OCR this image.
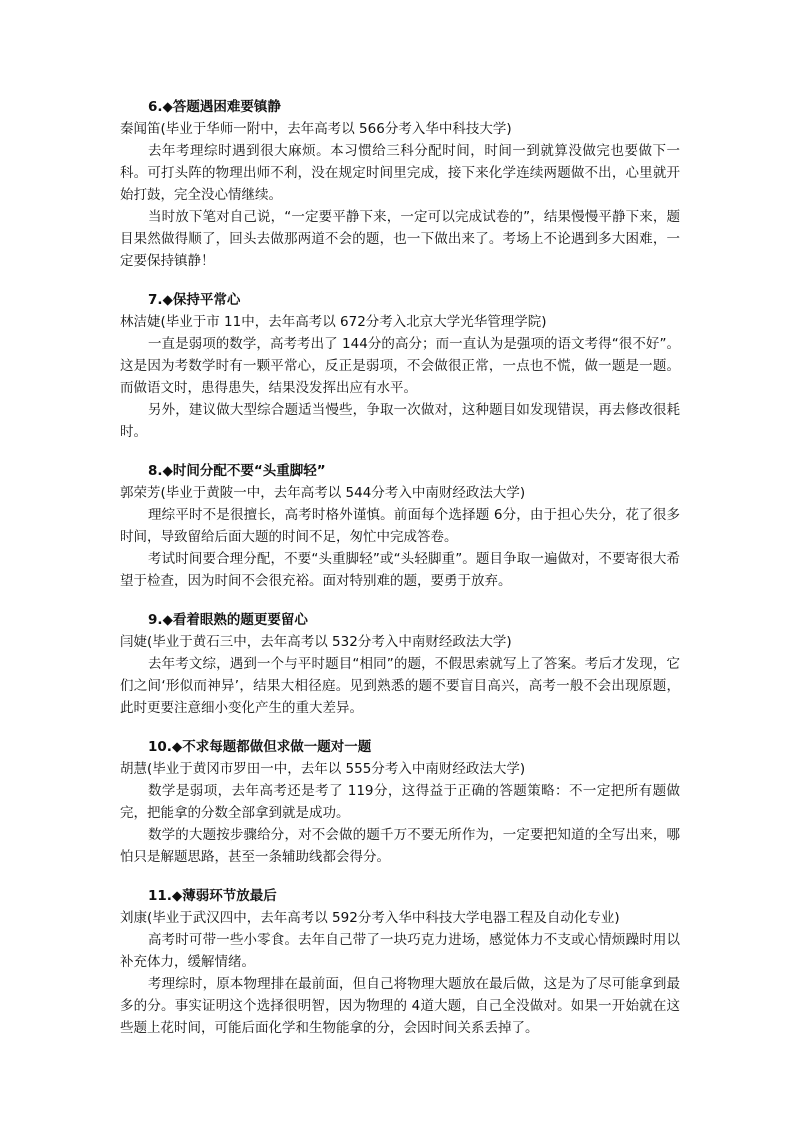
6.◆答题遇困难要镇静
秦闻笛(毕业于华师一附中，去年高考以 566分考入华中科技大学)

去年考理综时遇到很大麻烦。本习惯给三科分配时间，时间一到就算没做完也要做下一科。可打头阵的物理出师不利，没在规定时间里完成，接下来化学连续两题做不出，心里就开始打鼓，完全没心情继续。

当时放下笔对自己说，“一定要平静下来，一定可以完成试卷的”，结果慢慢平静下来，题目果然做得顺了，回头去做那两道不会的题，也一下做出来了。考场上不论遇到多大困难，一定要保持镇静！

7.◆保持平常心
林洁婕(毕业于市 11中，去年高考以 672分考入北京大学光华管理学院)

一直是弱项的数学，高考考出了 144分的高分；而一直认为是强项的语文考得“很不好”。这是因为考数学时有一颗平常心，反正是弱项，不会做很正常，一点也不慌，做一题是一题。而做语文时，患得患失，结果没发挥出应有水平。

另外，建议做大型综合题适当慢些，争取一次做对，这种题目如发现错误，再去修改很耗时。

8.◆时间分配不要“头重脚轻”
郭荣芳(毕业于黄陂一中，去年高考以 544分考入中南财经政法大学)

理综平时不是很擅长，高考时格外谨慎。前面每个选择题 6分，由于担心失分，花了很多时间，导致留给后面大题的时间不足，匆忙中完成答卷。

考试时间要合理分配，不要“头重脚轻”或“头轻脚重”。题目争取一遍做对，不要寄很大希望于检查，因为时间不会很充裕。面对特别难的题，要勇于放弃。

9.◆看着眼熟的题更要留心
闫婕(毕业于黄石三中，去年高考以 532分考入中南财经政法大学)

去年考文综，遇到一个与平时题目“相同”的题，不假思索就写上了答案。考后才发现，它们之间‘形似而神异’，结果大相径庭。见到熟悉的题不要盲目高兴，高考一般不会出现原题，此时更要注意细小变化产生的重大差异。

10.◆不求每题都做但求做一题对一题
胡慧(毕业于黄冈市罗田一中，去年以 555分考入中南财经政法大学)

数学是弱项，去年高考还是考了 119分，这得益于正确的答题策略：不一定把所有题做完，把能拿的分数全部拿到就是成功。

数学的大题按步骤给分，对不会做的题千万不要无所作为，一定要把知道的全写出来，哪怕只是解题思路，甚至一条辅助线都会得分。

11.◆薄弱环节放最后
刘康(毕业于武汉四中，去年高考以 592分考入华中科技大学电器工程及自动化专业)

高考时可带一些小零食。去年自己带了一块巧克力进场，感觉体力不支或心情烦躁时用以补充体力，缓解情绪。

考理综时，原本物理排在最前面，但自己将物理大题放在最后做，这是为了尽可能拿到最多的分。事实证明这个选择很明智，因为物理的 4道大题，自己全没做对。如果一开始就在这些题上花时间，可能后面化学和生物能拿的分，会因时间关系丢掉了。
